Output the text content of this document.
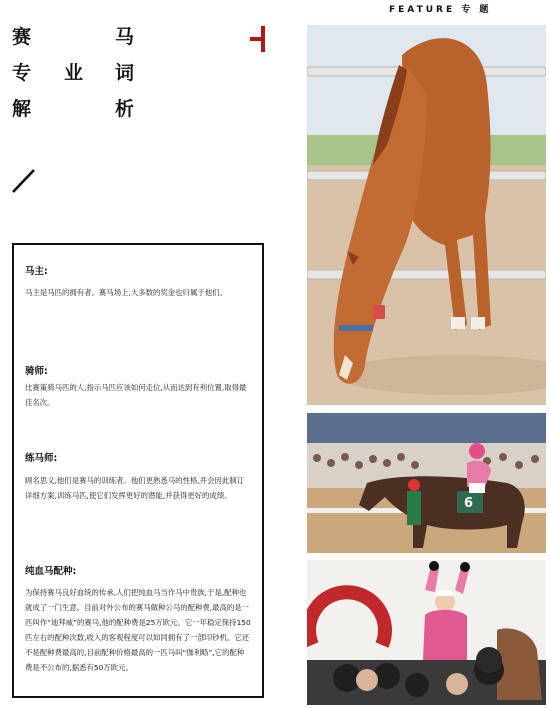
FEATURE 专 题
赛	马
专 业 词
解	析
马主:
马主是马匹的拥有者。赛马场上,大多数的奖金也归属于他们。
骑师:
比赛策骑马匹的人,指示马匹应该如何走位,从而达到有利位置,取得最佳名次。
练马师:
顾名思义,他们是赛马的训练者。他们更熟悉马的性格,并会因此制订详细方案,训练马匹,使它们发挥更好的潜能,并获得更好的成绩。
纯血马配种:
为保持赛马良好血统的传承,人们把纯血马当作马中贵族,于是,配种也就成了一门生意。目前对外公布的赛马做种公马的配种费,最高的是一匹叫作“迪拜威”的赛马,他的配种费是25万欧元。它一年稳定保持150匹左右的配种次数,收入的客观程度可以如同拥有了一部印钞机。它还不是配种费最高的,目前配种价格最高的一匹马叫“伽利略”,它的配种费是不公布的,据悉有50万欧元。
6
